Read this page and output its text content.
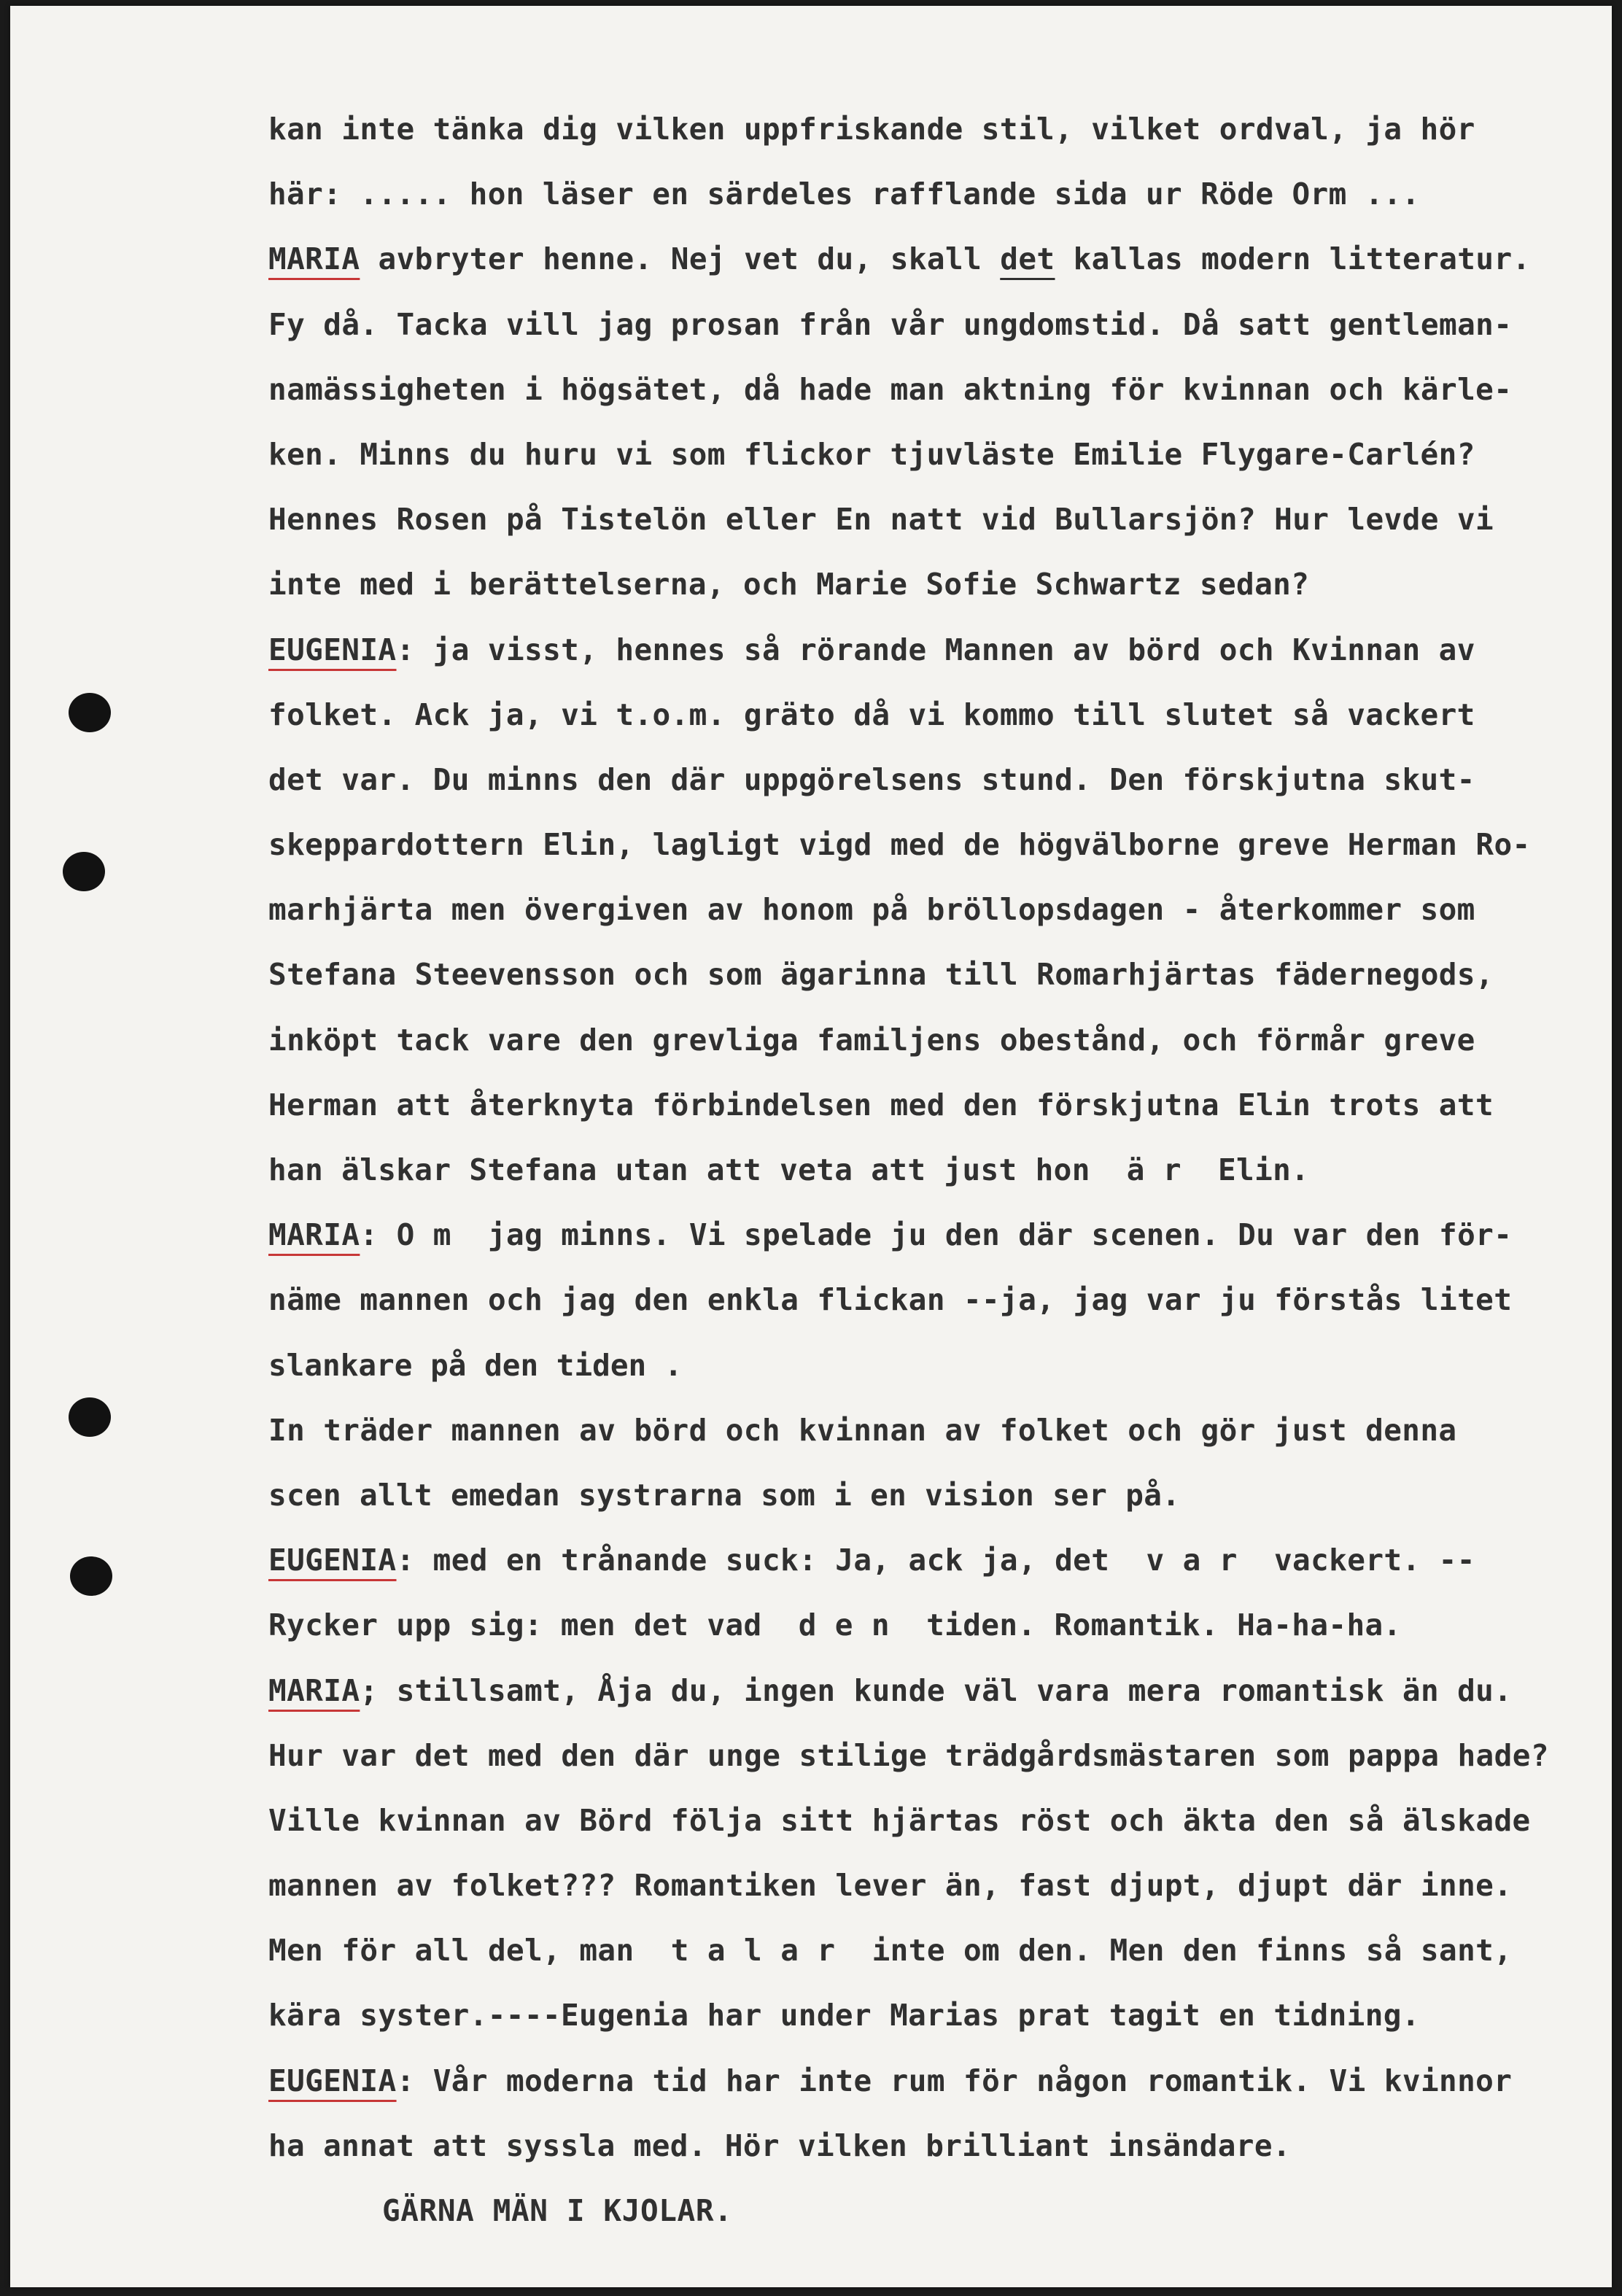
kan inte tänka dig vilken uppfriskande stil, vilket ordval, ja hör
här: ..... hon läser en särdeles rafflande sida ur Röde Orm ...
MARIA avbryter henne. Nej vet du, skall det kallas modern litteratur.
Fy då. Tacka vill jag prosan från vår ungdomstid. Då satt gentleman-
namässigheten i högsätet, då hade man aktning för kvinnan och kärle-
ken. Minns du huru vi som flickor tjuvläste Emilie Flygare-Carlén?
Hennes Rosen på Tistelön eller En natt vid Bullarsjön? Hur levde vi
inte med i berättelserna, och Marie Sofie Schwartz sedan?
EUGENIA: ja visst, hennes så rörande Mannen av börd och Kvinnan av
folket. Ack ja, vi t.o.m. gräto då vi kommo till slutet så vackert
det var. Du minns den där uppgörelsens stund. Den förskjutna skut-
skeppardottern Elin, lagligt vigd med de högvälborne greve Herman Ro-
marhjärta men övergiven av honom på bröllopsdagen - återkommer som
Stefana Steevensson och som ägarinna till Romarhjärtas fädernegods,
inköpt tack vare den grevliga familjens obestånd, och förmår greve
Herman att återknyta förbindelsen med den förskjutna Elin trots att
han älskar Stefana utan att veta att just hon  ä r  Elin.
MARIA: O m  jag minns. Vi spelade ju den där scenen. Du var den för-
näme mannen och jag den enkla flickan --ja, jag var ju förstås litet
slankare på den tiden .
In träder mannen av börd och kvinnan av folket och gör just denna
scen allt emedan systrarna som i en vision ser på.
EUGENIA: med en trånande suck: Ja, ack ja, det  v a r  vackert. --
Rycker upp sig: men det vad  d e n  tiden. Romantik. Ha-ha-ha.
MARIA; stillsamt, Åja du, ingen kunde väl vara mera romantisk än du.
Hur var det med den där unge stilige trädgårdsmästaren som pappa hade?
Ville kvinnan av Börd följa sitt hjärtas röst och äkta den så älskade
mannen av folket??? Romantiken lever än, fast djupt, djupt där inne.
Men för all del, man  t a l a r  inte om den. Men den finns så sant,
kära syster.----Eugenia har under Marias prat tagit en tidning.
EUGENIA: Vår moderna tid har inte rum för någon romantik. Vi kvinnor
ha annat att syssla med. Hör vilken brilliant insändare.
GÄRNA MÄN I KJOLAR.
